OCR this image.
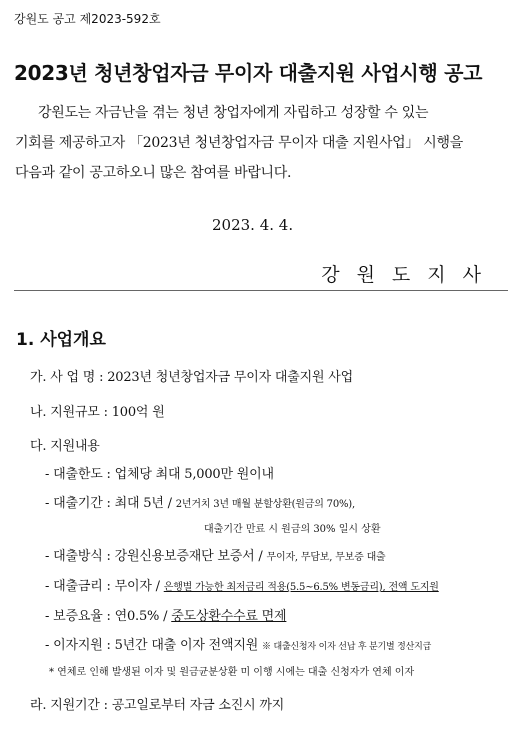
강원도 공고 제2023-592호
2023년 청년창업자금 무이자 대출지원 사업시행 공고
강원도는 자금난을 겪는 청년 창업자에게 자립하고 성장할 수 있는
기회를 제공하고자 「2023년 청년창업자금 무이자 대출 지원사업」 시행을
다음과 같이 공고하오니 많은 참여를 바랍니다.
2023. 4. 4.
강원도지사
1. 사업개요
가. 사 업 명 : 2023년 청년창업자금 무이자 대출지원 사업
나. 지원규모 : 100억 원
다. 지원내용
- 대출한도 : 업체당 최대 5,000만 원이내
- 대출기간 : 최대 5년 / 2년거치 3년 매월 분할상환(원금의 70%),
대출기간 만료 시 원금의 30% 일시 상환
- 대출방식 : 강원신용보증재단 보증서 / 무이자, 무담보, 무보증 대출
- 대출금리 : 무이자 / 은행별 가능한 최저금리 적용(5.5~6.5% 변동금리), 전액 도지원
- 보증요율 : 연0.5% / 중도상환수수료 면제
- 이자지원 : 5년간 대출 이자 전액지원 ※ 대출신청자 이자 선납 후 분기별 정산지급
* 연체로 인해 발생된 이자 및 원금균분상환 미 이행 시에는 대출 신청자가 연체 이자
라. 지원기간 : 공고일로부터 자금 소진시 까지
